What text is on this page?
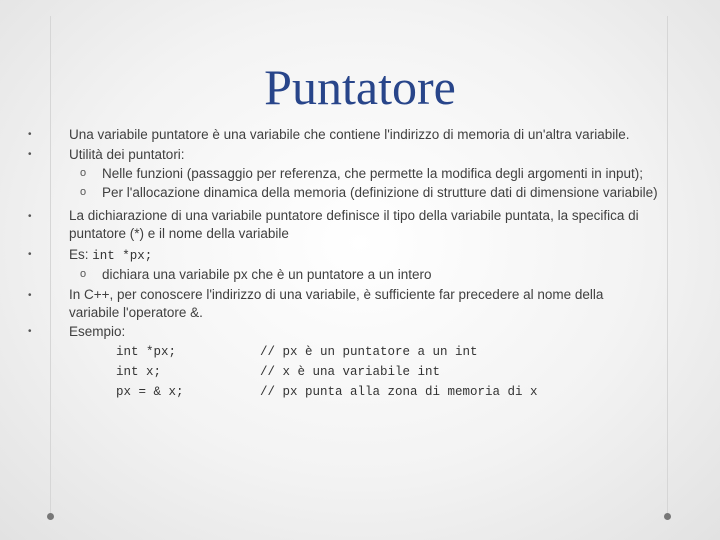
Puntatore
•	Una variabile puntatore è una variabile che contiene l'indirizzo di memoria di un'altra variabile.
•	Utilità dei puntatori:
o Nelle funzioni (passaggio per referenza, che permette la modifica degli argomenti in input);
o Per l'allocazione dinamica della memoria (definizione di strutture dati di dimensione variabile)
•	La dichiarazione di una variabile puntatore definisce il tipo della variabile puntata, la specifica di puntatore (*) e il nome della variabile
•	Es: int *px;
o dichiara una variabile px che è un puntatore a un intero
•	In C++, per conoscere l'indirizzo di una variabile, è sufficiente far precedere al nome della variabile l'operatore &.
•	Esempio:
int *px;	// px è un puntatore a un int
int x;	// x è una variabile int
px = & x;	// px punta alla zona di memoria di x
